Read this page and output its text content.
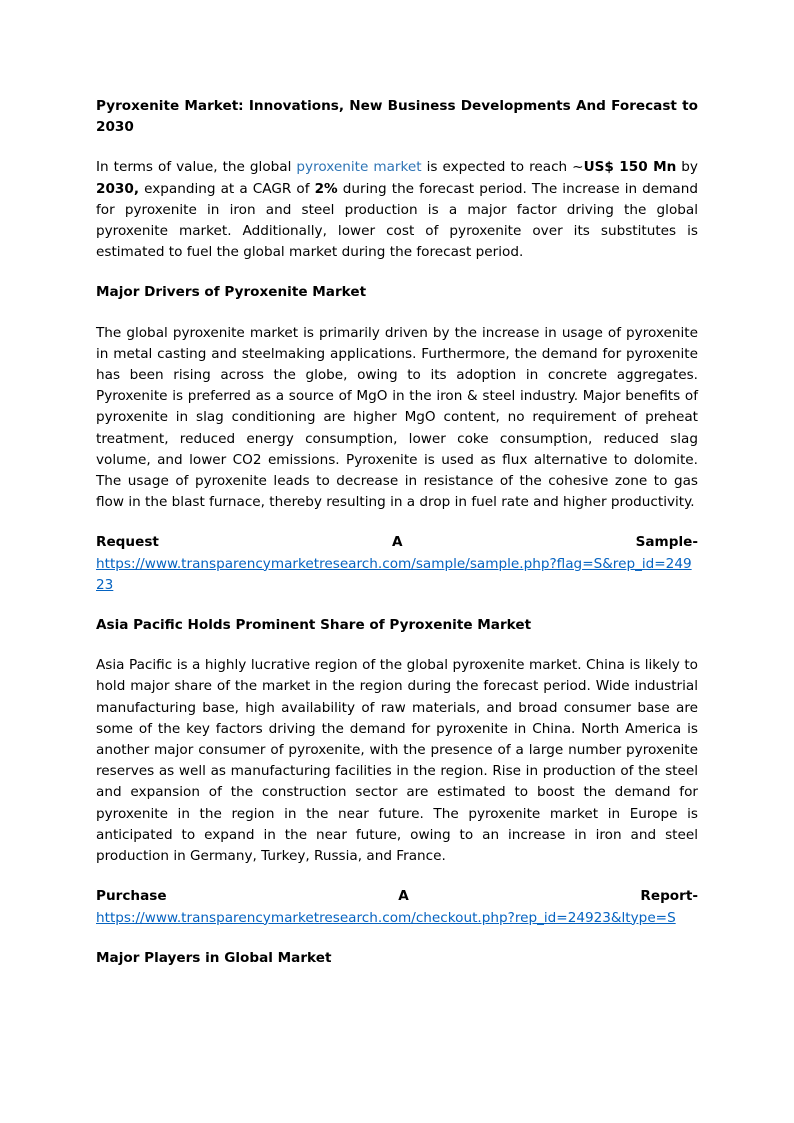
Pyroxenite Market: Innovations, New Business Developments And Forecast to 2030

In terms of value, the global pyroxenite market is expected to reach ~US$ 150 Mn by 2030, expanding at a CAGR of 2% during the forecast period. The increase in demand for pyroxenite in iron and steel production is a major factor driving the global pyroxenite market. Additionally, lower cost of pyroxenite over its substitutes is estimated to fuel the global market during the forecast period.

Major Drivers of Pyroxenite Market

The global pyroxenite market is primarily driven by the increase in usage of pyroxenite in metal casting and steelmaking applications. Furthermore, the demand for pyroxenite has been rising across the globe, owing to its adoption in concrete aggregates. Pyroxenite is preferred as a source of MgO in the iron & steel industry. Major benefits of pyroxenite in slag conditioning are higher MgO content, no requirement of preheat treatment, reduced energy consumption, lower coke consumption, reduced slag volume, and lower CO2 emissions. Pyroxenite is used as flux alternative to dolomite. The usage of pyroxenite leads to decrease in resistance of the cohesive zone to gas flow in the blast furnace, thereby resulting in a drop in fuel rate and higher productivity.

Request	A	Sample-
https://www.transparencymarketresearch.com/sample/sample.php?flag=S&rep_id=24923

Asia Pacific Holds Prominent Share of Pyroxenite Market

Asia Pacific is a highly lucrative region of the global pyroxenite market. China is likely to hold major share of the market in the region during the forecast period. Wide industrial manufacturing base, high availability of raw materials, and broad consumer base are some of the key factors driving the demand for pyroxenite in China. North America is another major consumer of pyroxenite, with the presence of a large number pyroxenite reserves as well as manufacturing facilities in the region. Rise in production of the steel and expansion of the construction sector are estimated to boost the demand for pyroxenite in the region in the near future. The pyroxenite market in Europe is anticipated to expand in the near future, owing to an increase in iron and steel production in Germany, Turkey, Russia, and France.

Purchase	A	Report-
https://www.transparencymarketresearch.com/checkout.php?rep_id=24923&ltype=S

Major Players in Global Market
